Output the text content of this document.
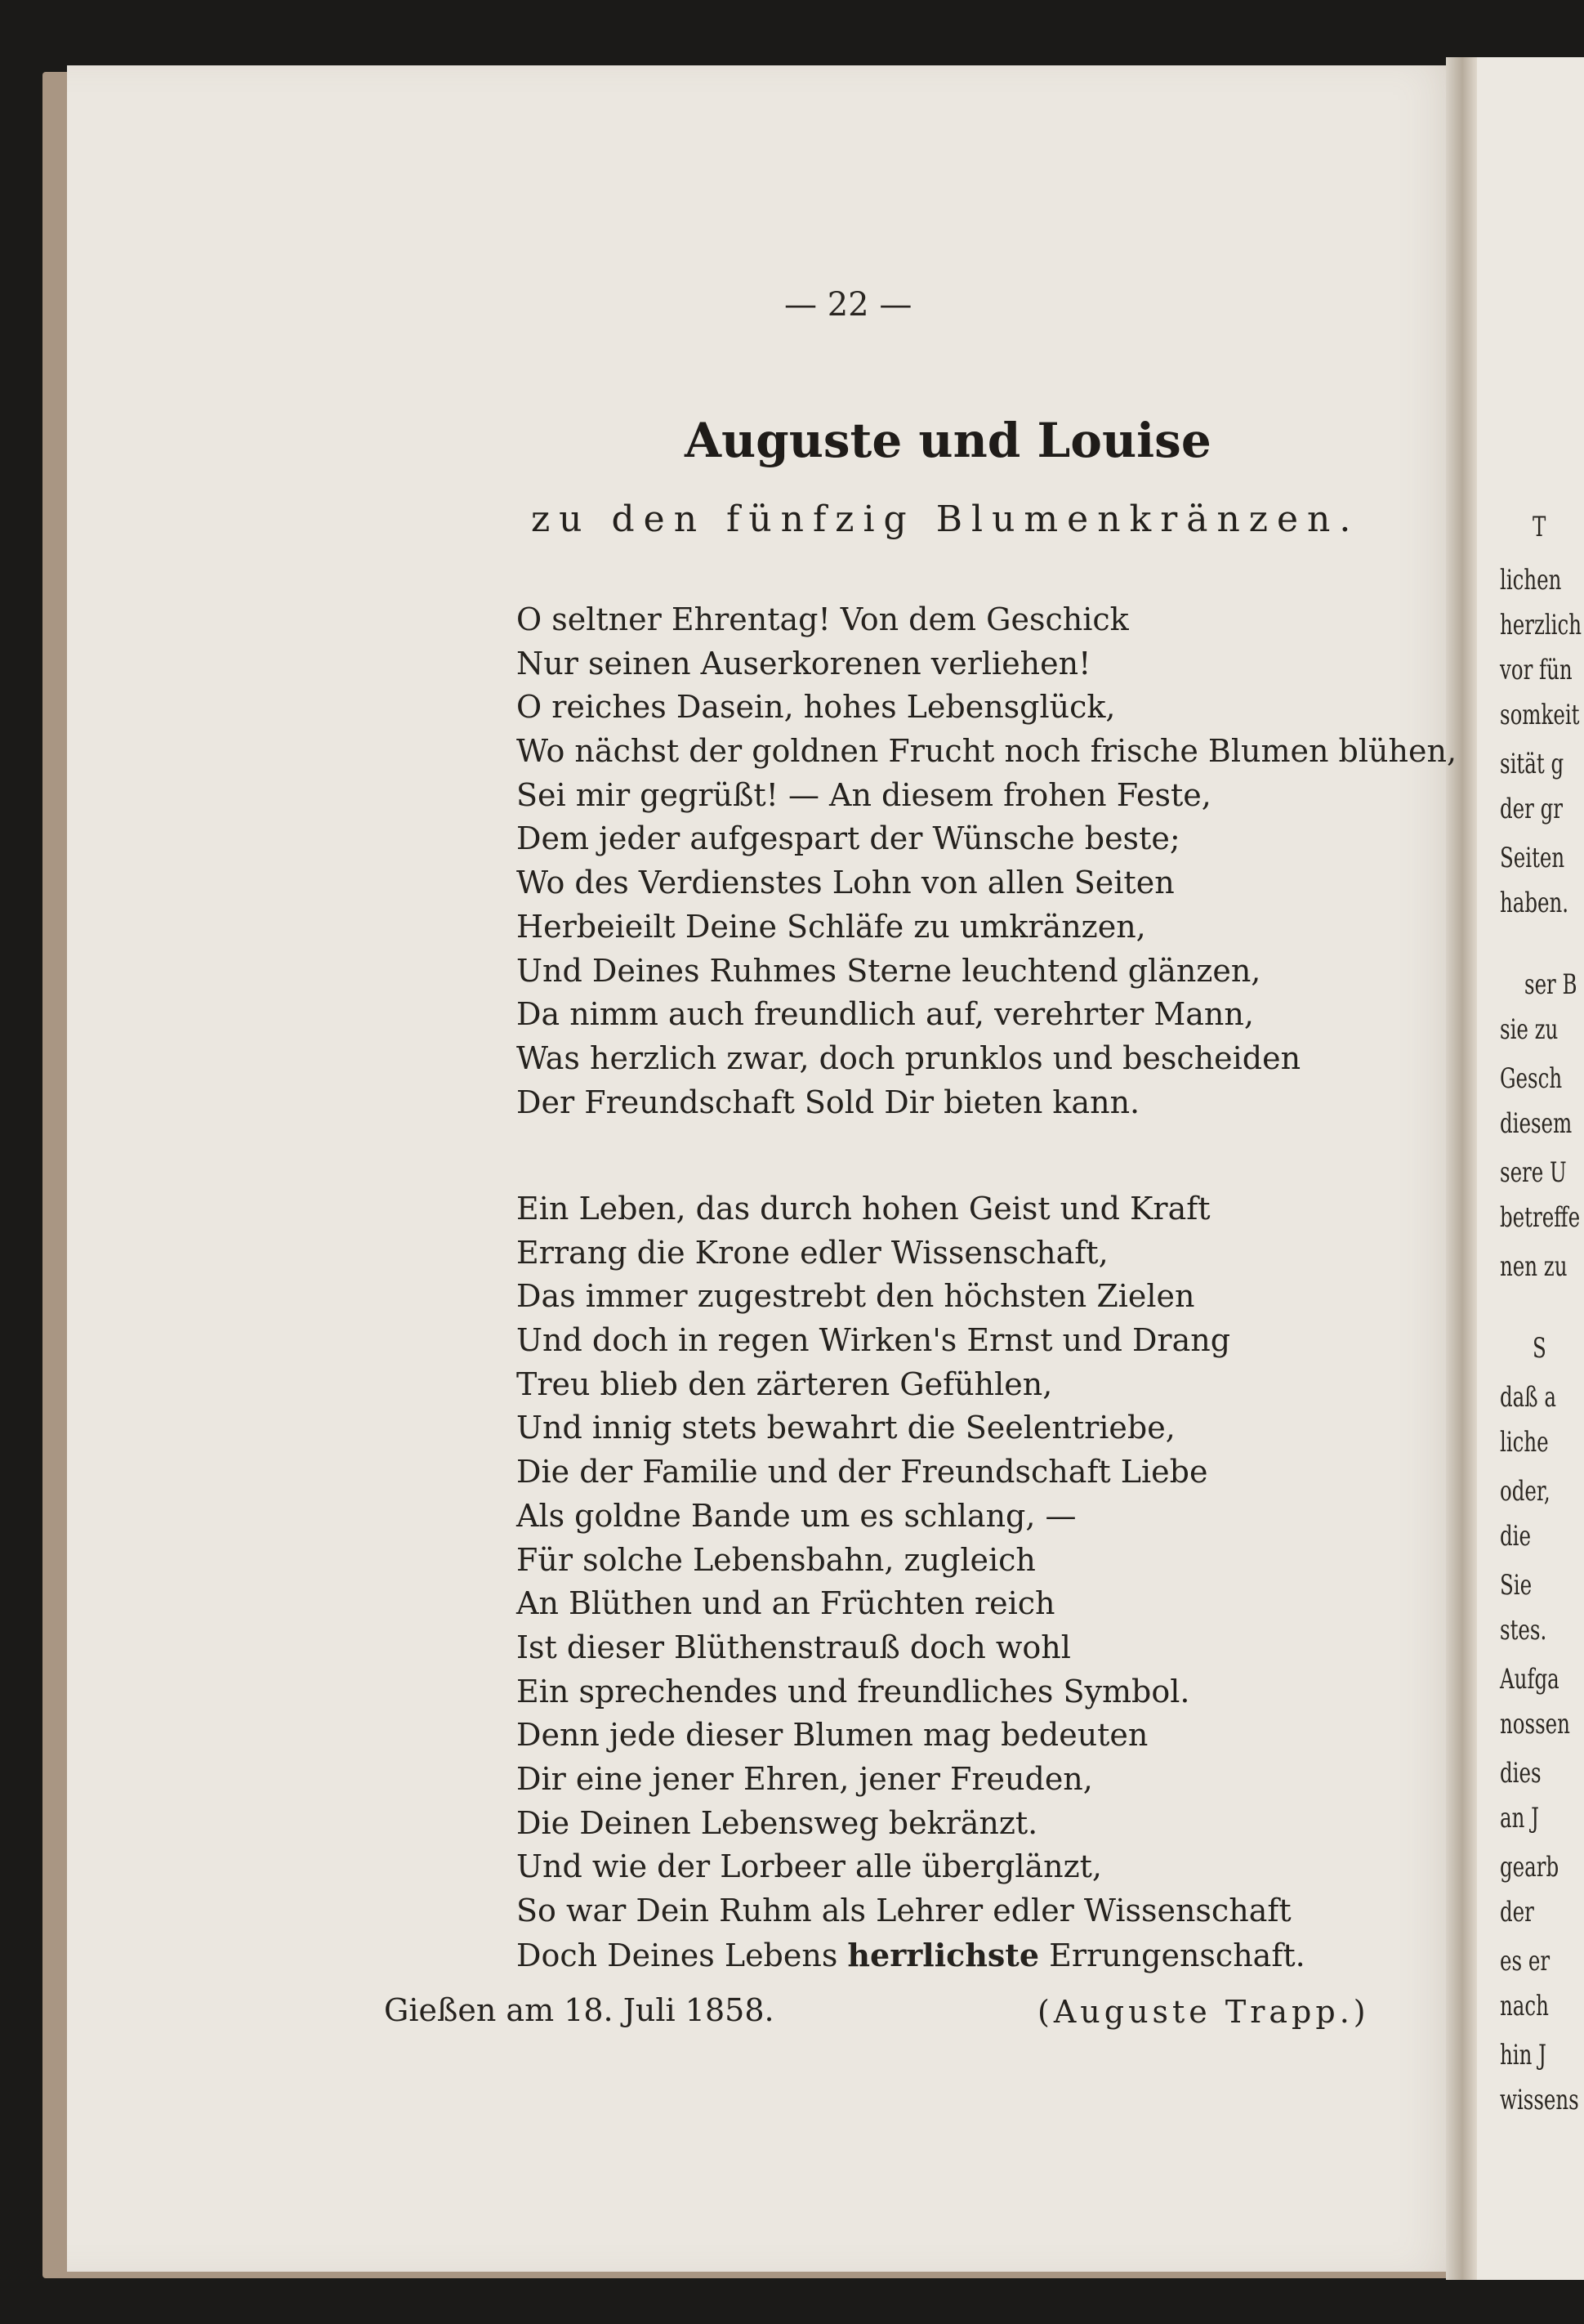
T
lichen
herzlich
vor fün
somkeit
sität g
der gr
Seiten
haben.
ser B
sie zu
Gesch
diesem
sere U
betreffe
nen zu
S
daß a
liche
oder,
die
Sie
stes.
Aufga
nossen
dies
an J
gearb
der
es er
nach
hin J
wissens
— 22 —
Auguste und Louise
zu den fünfzig Blumenkränzen.
O seltner Ehrentag! Von dem Geschick
Nur seinen Auserkorenen verliehen!
O reiches Dasein, hohes Lebensglück,
Wo nächst der goldnen Frucht noch frische Blumen blühen,
Sei mir gegrüßt! — An diesem frohen Feste,
Dem jeder aufgespart der Wünsche beste;
Wo des Verdienstes Lohn von allen Seiten
Herbeieilt Deine Schläfe zu umkränzen,
Und Deines Ruhmes Sterne leuchtend glänzen,
Da nimm auch freundlich auf, verehrter Mann,
Was herzlich zwar, doch prunklos und bescheiden
Der Freundschaft Sold Dir bieten kann.
Ein Leben, das durch hohen Geist und Kraft
Errang die Krone edler Wissenschaft,
Das immer zugestrebt den höchsten Zielen
Und doch in regen Wirken's Ernst und Drang
Treu blieb den zärteren Gefühlen,
Und innig stets bewahrt die Seelentriebe,
Die der Familie und der Freundschaft Liebe
Als goldne Bande um es schlang, —
Für solche Lebensbahn, zugleich
An Blüthen und an Früchten reich
Ist dieser Blüthenstrauß doch wohl
Ein sprechendes und freundliches Symbol.
Denn jede dieser Blumen mag bedeuten
Dir eine jener Ehren, jener Freuden,
Die Deinen Lebensweg bekränzt.
Und wie der Lorbeer alle überglänzt,
So war Dein Ruhm als Lehrer edler Wissenschaft
Doch Deines Lebens herrlichste Errungenschaft.
Gießen am 18. Juli 1858.	(Auguste Trapp.)
